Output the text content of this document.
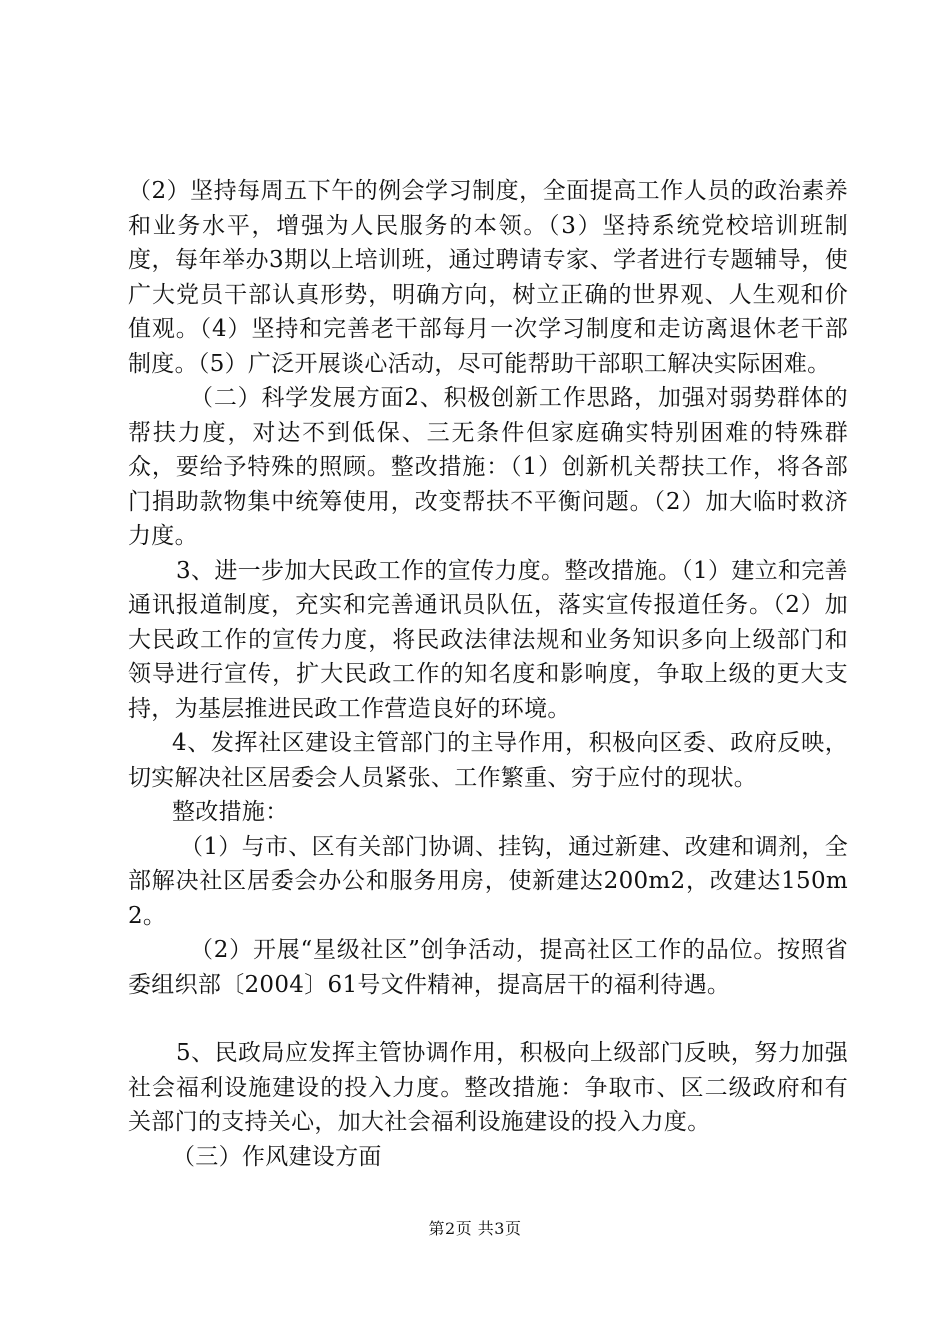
（2）坚持每周五下午的例会学习制度，全面提高工作人员的政治素养和业务水平，增强为人民服务的本领。（3）坚持系统党校培训班制度，每年举办3期以上培训班，通过聘请专家、学者进行专题辅导，使广大党员干部认真形势，明确方向，树立正确的世界观、人生观和价值观。（4）坚持和完善老干部每月一次学习制度和走访离退休老干部制度。（5）广泛开展谈心活动，尽可能帮助干部职工解决实际困难。

（二）科学发展方面2、积极创新工作思路，加强对弱势群体的帮扶力度，对达不到低保、三无条件但家庭确实特别困难的特殊群众，要给予特殊的照顾。整改措施：（1）创新机关帮扶工作，将各部门捐助款物集中统筹使用，改变帮扶不平衡问题。（2）加大临时救济力度。

3、进一步加大民政工作的宣传力度。整改措施。（1）建立和完善通讯报道制度，充实和完善通讯员队伍，落实宣传报道任务。（2）加大民政工作的宣传力度，将民政法律法规和业务知识多向上级部门和领导进行宣传，扩大民政工作的知名度和影响度，争取上级的更大支持，为基层推进民政工作营造良好的环境。

4、发挥社区建设主管部门的主导作用，积极向区委、政府反映，切实解决社区居委会人员紧张、工作繁重、穷于应付的现状。

整改措施：

（1）与市、区有关部门协调、挂钩，通过新建、改建和调剂，全部解决社区居委会办公和服务用房，使新建达200m2，改建达150m2。

（2）开展“星级社区”创争活动，提高社区工作的品位。按照省委组织部〔2004〕61号文件精神，提高居干的福利待遇。

5、民政局应发挥主管协调作用，积极向上级部门反映，努力加强社会福利设施建设的投入力度。整改措施：争取市、区二级政府和有关部门的支持关心，加大社会福利设施建设的投入力度。

（三）作风建设方面

第2页 共3页
